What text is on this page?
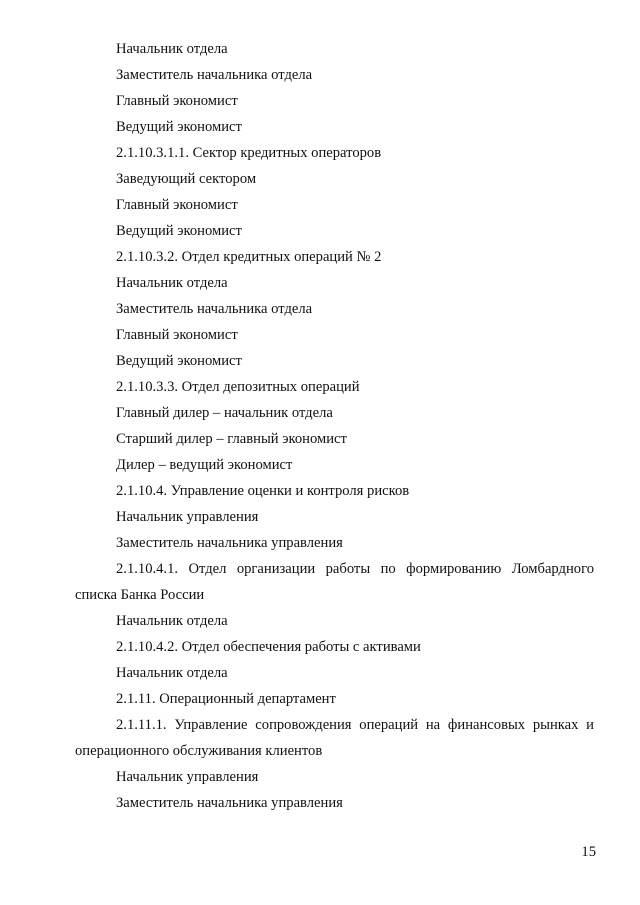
Начальник отдела
Заместитель начальника отдела
Главный экономист
Ведущий экономист
2.1.10.3.1.1. Сектор кредитных операторов
Заведующий сектором
Главный экономист
Ведущий экономист
2.1.10.3.2. Отдел кредитных операций № 2
Начальник отдела
Заместитель начальника отдела
Главный экономист
Ведущий экономист
2.1.10.3.3. Отдел депозитных операций
Главный дилер – начальник отдела
Старший дилер – главный экономист
Дилер – ведущий экономист
2.1.10.4. Управление оценки и контроля рисков
Начальник управления
Заместитель начальника управления
2.1.10.4.1. Отдел организации работы по формированию Ломбардного
списка Банка России
Начальник отдела
2.1.10.4.2. Отдел обеспечения работы с активами
Начальник отдела
2.1.11. Операционный департамент
2.1.11.1. Управление сопровождения операций на финансовых рынках и
операционного обслуживания клиентов
Начальник управления
Заместитель начальника управления
15
